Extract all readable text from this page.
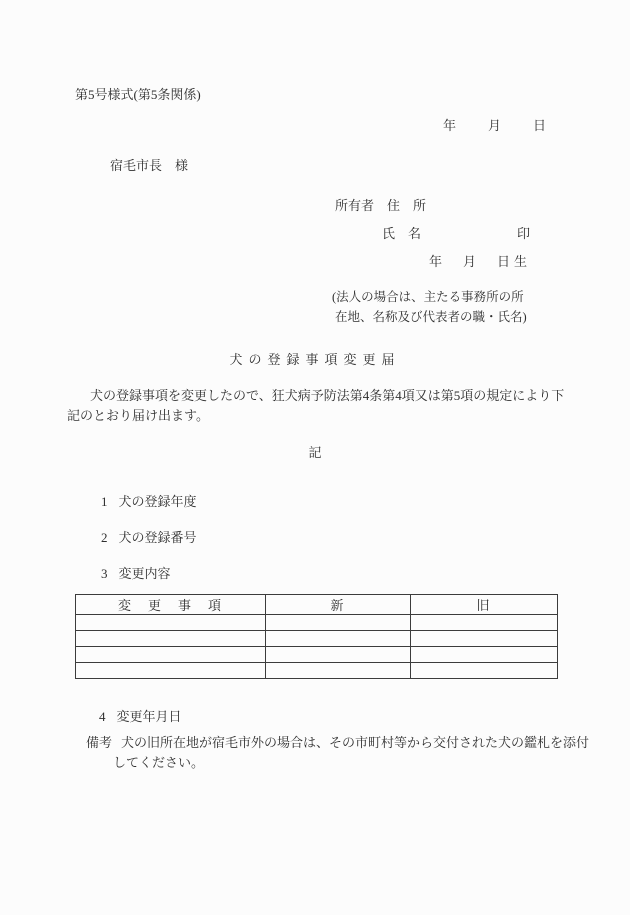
第5号様式(第5条関係)
年　　月　　日
宿毛市長　様
所有者　住　所
氏　名	印
年　月　日生
(法人の場合は、主たる事務所の所
在地、名称及び代表者の職・氏名)
犬の登録事項変更届
犬の登録事項を変更したので、狂犬病予防法第4条第4項又は第5項の規定により下
記のとおり届け出ます。
記

1 犬の登録年度

2 犬の登録番号

3 変更内容

変　更　事　項	新	旧

4 変更年月日

備考 犬の旧所在地が宿毛市外の場合は、その市町村等から交付された犬の鑑札を添付
してください。
